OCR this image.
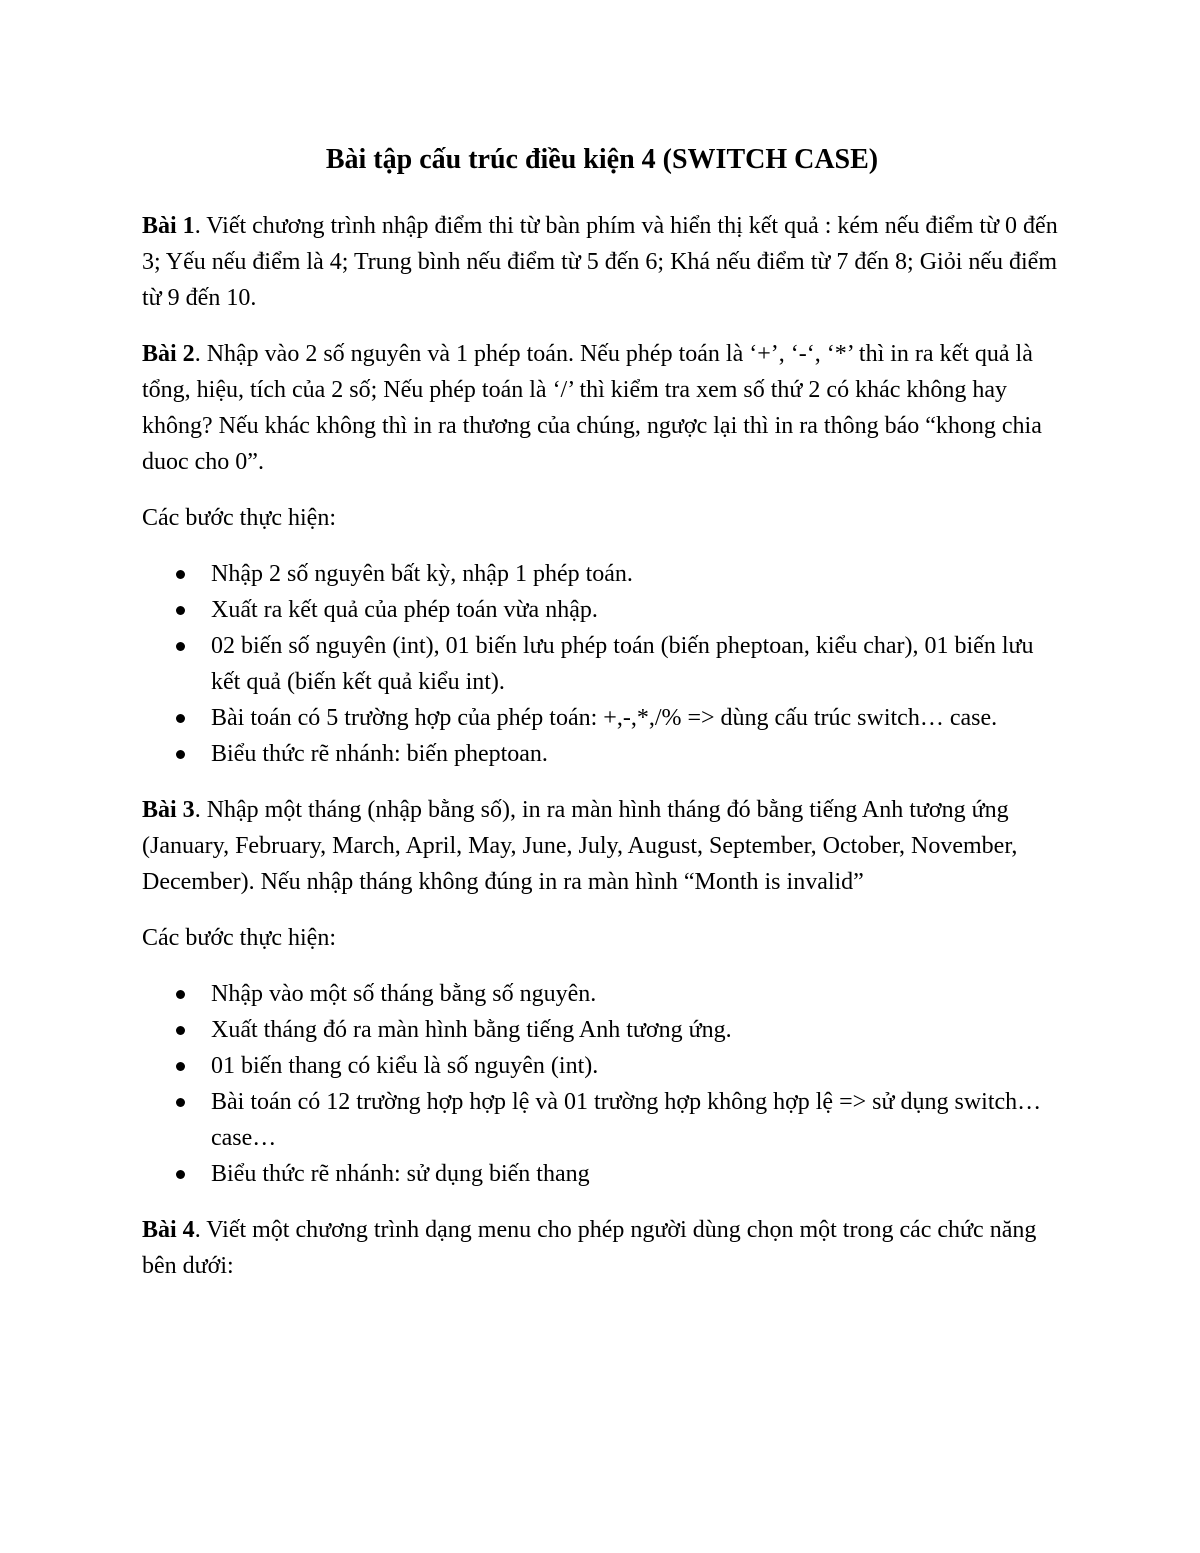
Bài tập cấu trúc điều kiện 4 (SWITCH CASE)

Bài 1. Viết chương trình nhập điểm thi từ bàn phím và hiển thị kết quả : kém nếu điểm từ 0 đến 3; Yếu nếu điểm là 4; Trung bình nếu điểm từ 5 đến 6; Khá nếu điểm từ 7 đến 8; Giỏi nếu điểm từ 9 đến 10.

Bài 2. Nhập vào 2 số nguyên và 1 phép toán. Nếu phép toán là ‘+’, ‘-‘, ‘*’ thì in ra kết quả là tổng, hiệu, tích của 2 số; Nếu phép toán là ‘/’ thì kiểm tra xem số thứ 2 có khác không hay không? Nếu khác không thì in ra thương của chúng, ngược lại thì in ra thông báo “khong chia duoc cho 0”.

Các bước thực hiện:

Nhập 2 số nguyên bất kỳ, nhập 1 phép toán.
Xuất ra kết quả của phép toán vừa nhập.
02 biến số nguyên (int), 01 biến lưu phép toán (biến pheptoan, kiểu char), 01 biến lưu kết quả (biến kết quả kiểu int).
Bài toán có 5 trường hợp của phép toán: +,-,*,/% => dùng cấu trúc switch… case.
Biểu thức rẽ nhánh: biến pheptoan.

Bài 3. Nhập một tháng (nhập bằng số), in ra màn hình tháng đó bằng tiếng Anh tương ứng (January, February, March, April, May, June, July, August, September, October, November, December). Nếu nhập tháng không đúng in ra màn hình “Month is invalid”

Các bước thực hiện:

Nhập vào một số tháng bằng số nguyên.
Xuất tháng đó ra màn hình bằng tiếng Anh tương ứng.
01 biến thang có kiểu là số nguyên (int).
Bài toán có 12 trường hợp hợp lệ và 01 trường hợp không hợp lệ => sử dụng switch…case…
Biểu thức rẽ nhánh: sử dụng biến thang

Bài 4. Viết một chương trình dạng menu cho phép người dùng chọn một trong các chức năng bên dưới:
